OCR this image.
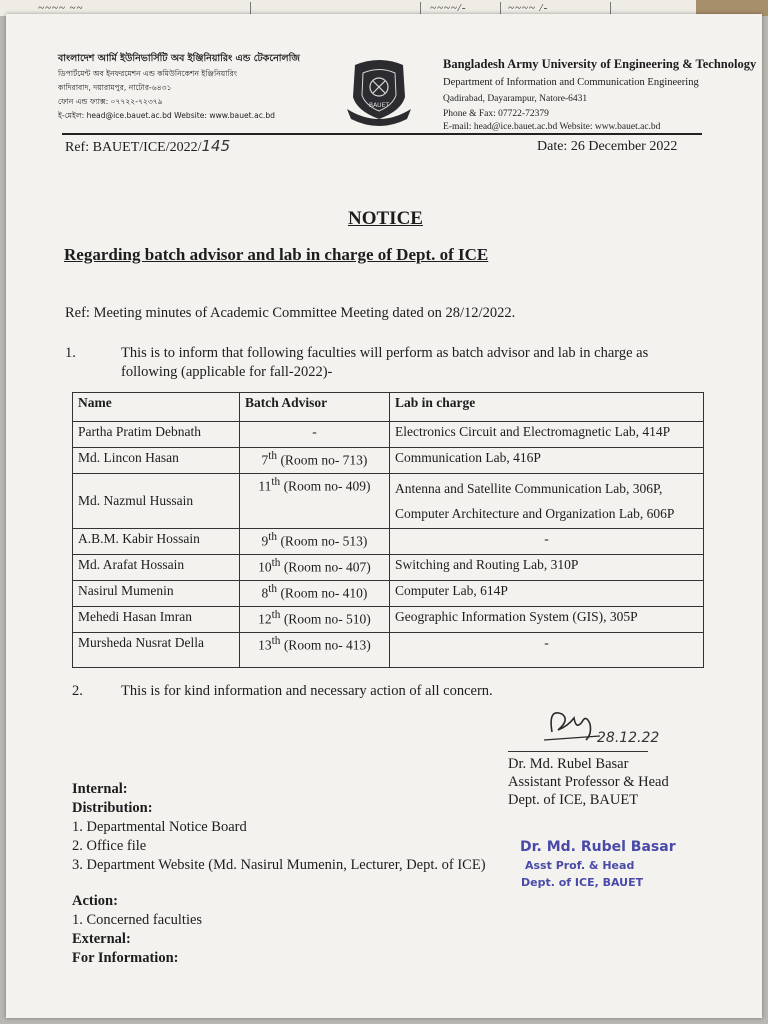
~~~~ ~~	~~~~/-	~~~~ /-
বাংলাদেশ আর্মি ইউনিভার্সিটি অব ইঞ্জিনিয়ারিং এন্ড টেকনোলজি
ডিপার্টমেন্ট অব ইনফরমেশন এন্ড কমিউনিকেশন ইঞ্জিনিয়ারিং
কাদিরাবাদ, দয়ারামপুর, নাটোর-৬৪৩১
ফোন এন্ড ফ্যাক্স: ০৭৭২২-৭২৩৭৯
ই-মেইল: head@ice.bauet.ac.bd Website: www.bauet.ac.bd
BAUET
Bangladesh Army University of Engineering & Technology
Department of Information and Communication Engineering
Qadirabad, Dayarampur, Natore-6431
Phone & Fax: 07722-72379
E-mail: head@ice.bauet.ac.bd Website: www.bauet.ac.bd
Ref: BAUET/ICE/2022/145	Date: 26 December 2022
NOTICE
Regarding batch advisor and lab in charge of Dept. of ICE
Ref: Meeting minutes of Academic Committee Meeting dated on 28/12/2022.
1.	This is to inform that following faculties will perform as batch advisor and lab in charge as
following (applicable for fall-2022)-
Name	Batch Advisor	Lab in charge
Partha Pratim Debnath	-	Electronics Circuit and Electromagnetic Lab, 414P
Md. Lincon Hasan	7th (Room no- 713)	Communication Lab, 416P
Md. Nazmul Hussain	11th (Room no- 409)	Antenna and Satellite Communication Lab, 306P,
Computer Architecture and Organization Lab, 606P

A.B.M. Kabir Hossain	9th (Room no- 513)	-
Md. Arafat Hossain	10th (Room no- 407)	Switching and Routing Lab, 310P
Nasirul Mumenin	8th (Room no- 410)	Computer Lab, 614P
Mehedi Hasan Imran	12th (Room no- 510)	Geographic Information System (GIS), 305P
Mursheda Nusrat Della	13th (Room no- 413)	-
2.	This is for kind information and necessary action of all concern.
28.12.22
Dr. Md. Rubel Basar
Assistant Professor & Head
Dept. of ICE, BAUET
Dr. Md. Rubel Basar
Asst Prof. & Head
Dept. of ICE, BAUET
Internal:
Distribution:
1. Departmental Notice Board
2. Office file
3. Department Website (Md. Nasirul Mumenin, Lecturer, Dept. of ICE)
Action:
1. Concerned faculties
External:
For Information:
